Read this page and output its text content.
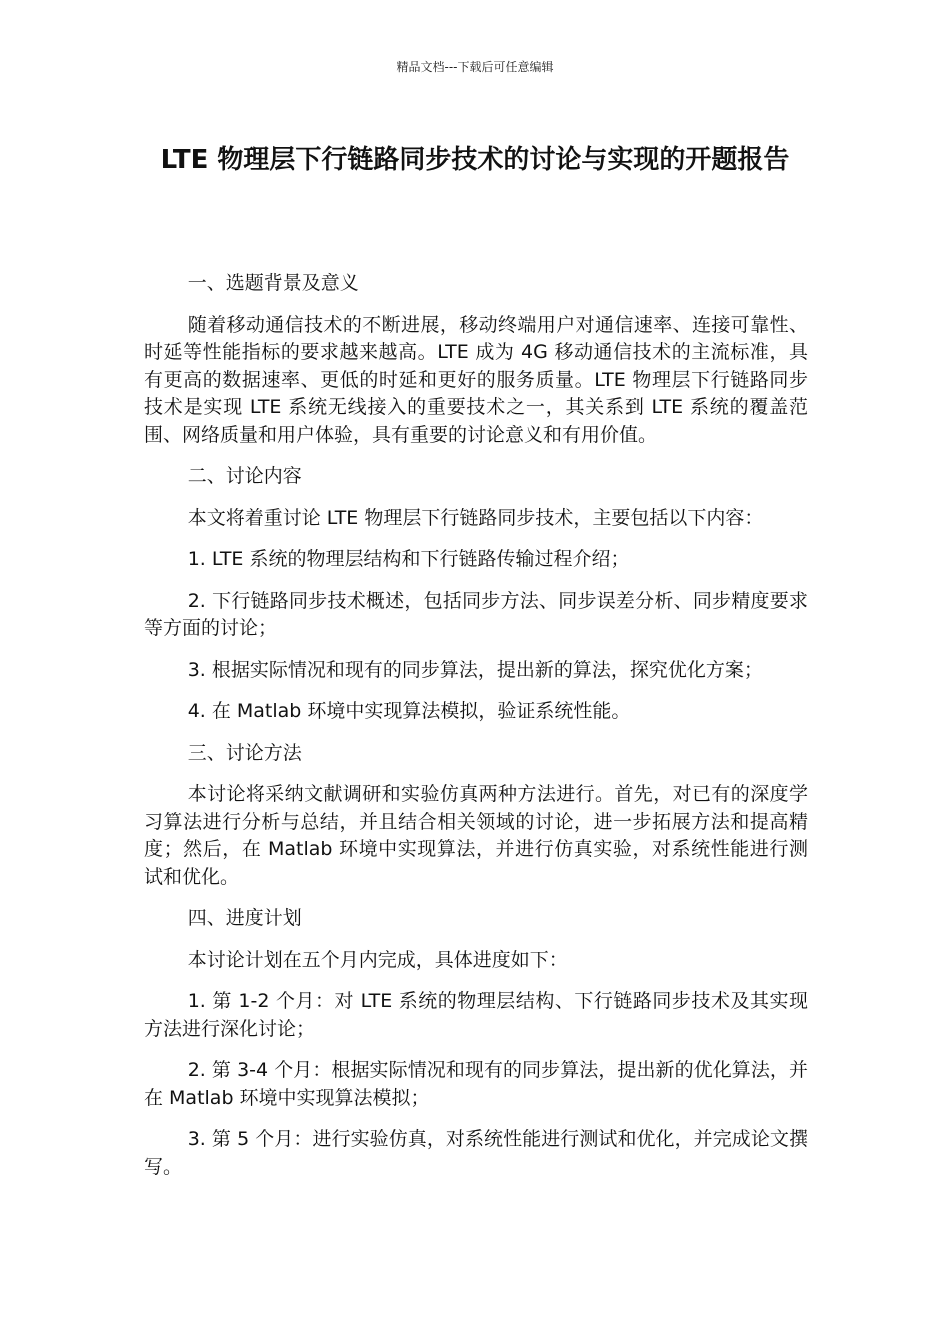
精品文档---下载后可任意编辑
LTE 物理层下行链路同步技术的讨论与实现的开题报告

一、选题背景及意义

随着移动通信技术的不断进展，移动终端用户对通信速率、连接可靠性、时延等性能指标的要求越来越高。LTE 成为 4G 移动通信技术的主流标准，具有更高的数据速率、更低的时延和更好的服务质量。LTE 物理层下行链路同步技术是实现 LTE 系统无线接入的重要技术之一，其关系到 LTE 系统的覆盖范围、网络质量和用户体验，具有重要的讨论意义和有用价值。

二、讨论内容

本文将着重讨论 LTE 物理层下行链路同步技术，主要包括以下内容：

1. LTE 系统的物理层结构和下行链路传输过程介绍；

2. 下行链路同步技术概述，包括同步方法、同步误差分析、同步精度要求等方面的讨论；

3. 根据实际情况和现有的同步算法，提出新的算法，探究优化方案；

4. 在 Matlab 环境中实现算法模拟，验证系统性能。

三、讨论方法

本讨论将采纳文献调研和实验仿真两种方法进行。首先，对已有的深度学习算法进行分析与总结，并且结合相关领域的讨论，进一步拓展方法和提高精度；然后，在 Matlab 环境中实现算法，并进行仿真实验，对系统性能进行测试和优化。

四、进度计划

本讨论计划在五个月内完成，具体进度如下：

1. 第 1-2 个月：对 LTE 系统的物理层结构、下行链路同步技术及其实现方法进行深化讨论；

2. 第 3-4 个月：根据实际情况和现有的同步算法，提出新的优化算法，并在 Matlab 环境中实现算法模拟；

3. 第 5 个月：进行实验仿真，对系统性能进行测试和优化，并完成论文撰写。
